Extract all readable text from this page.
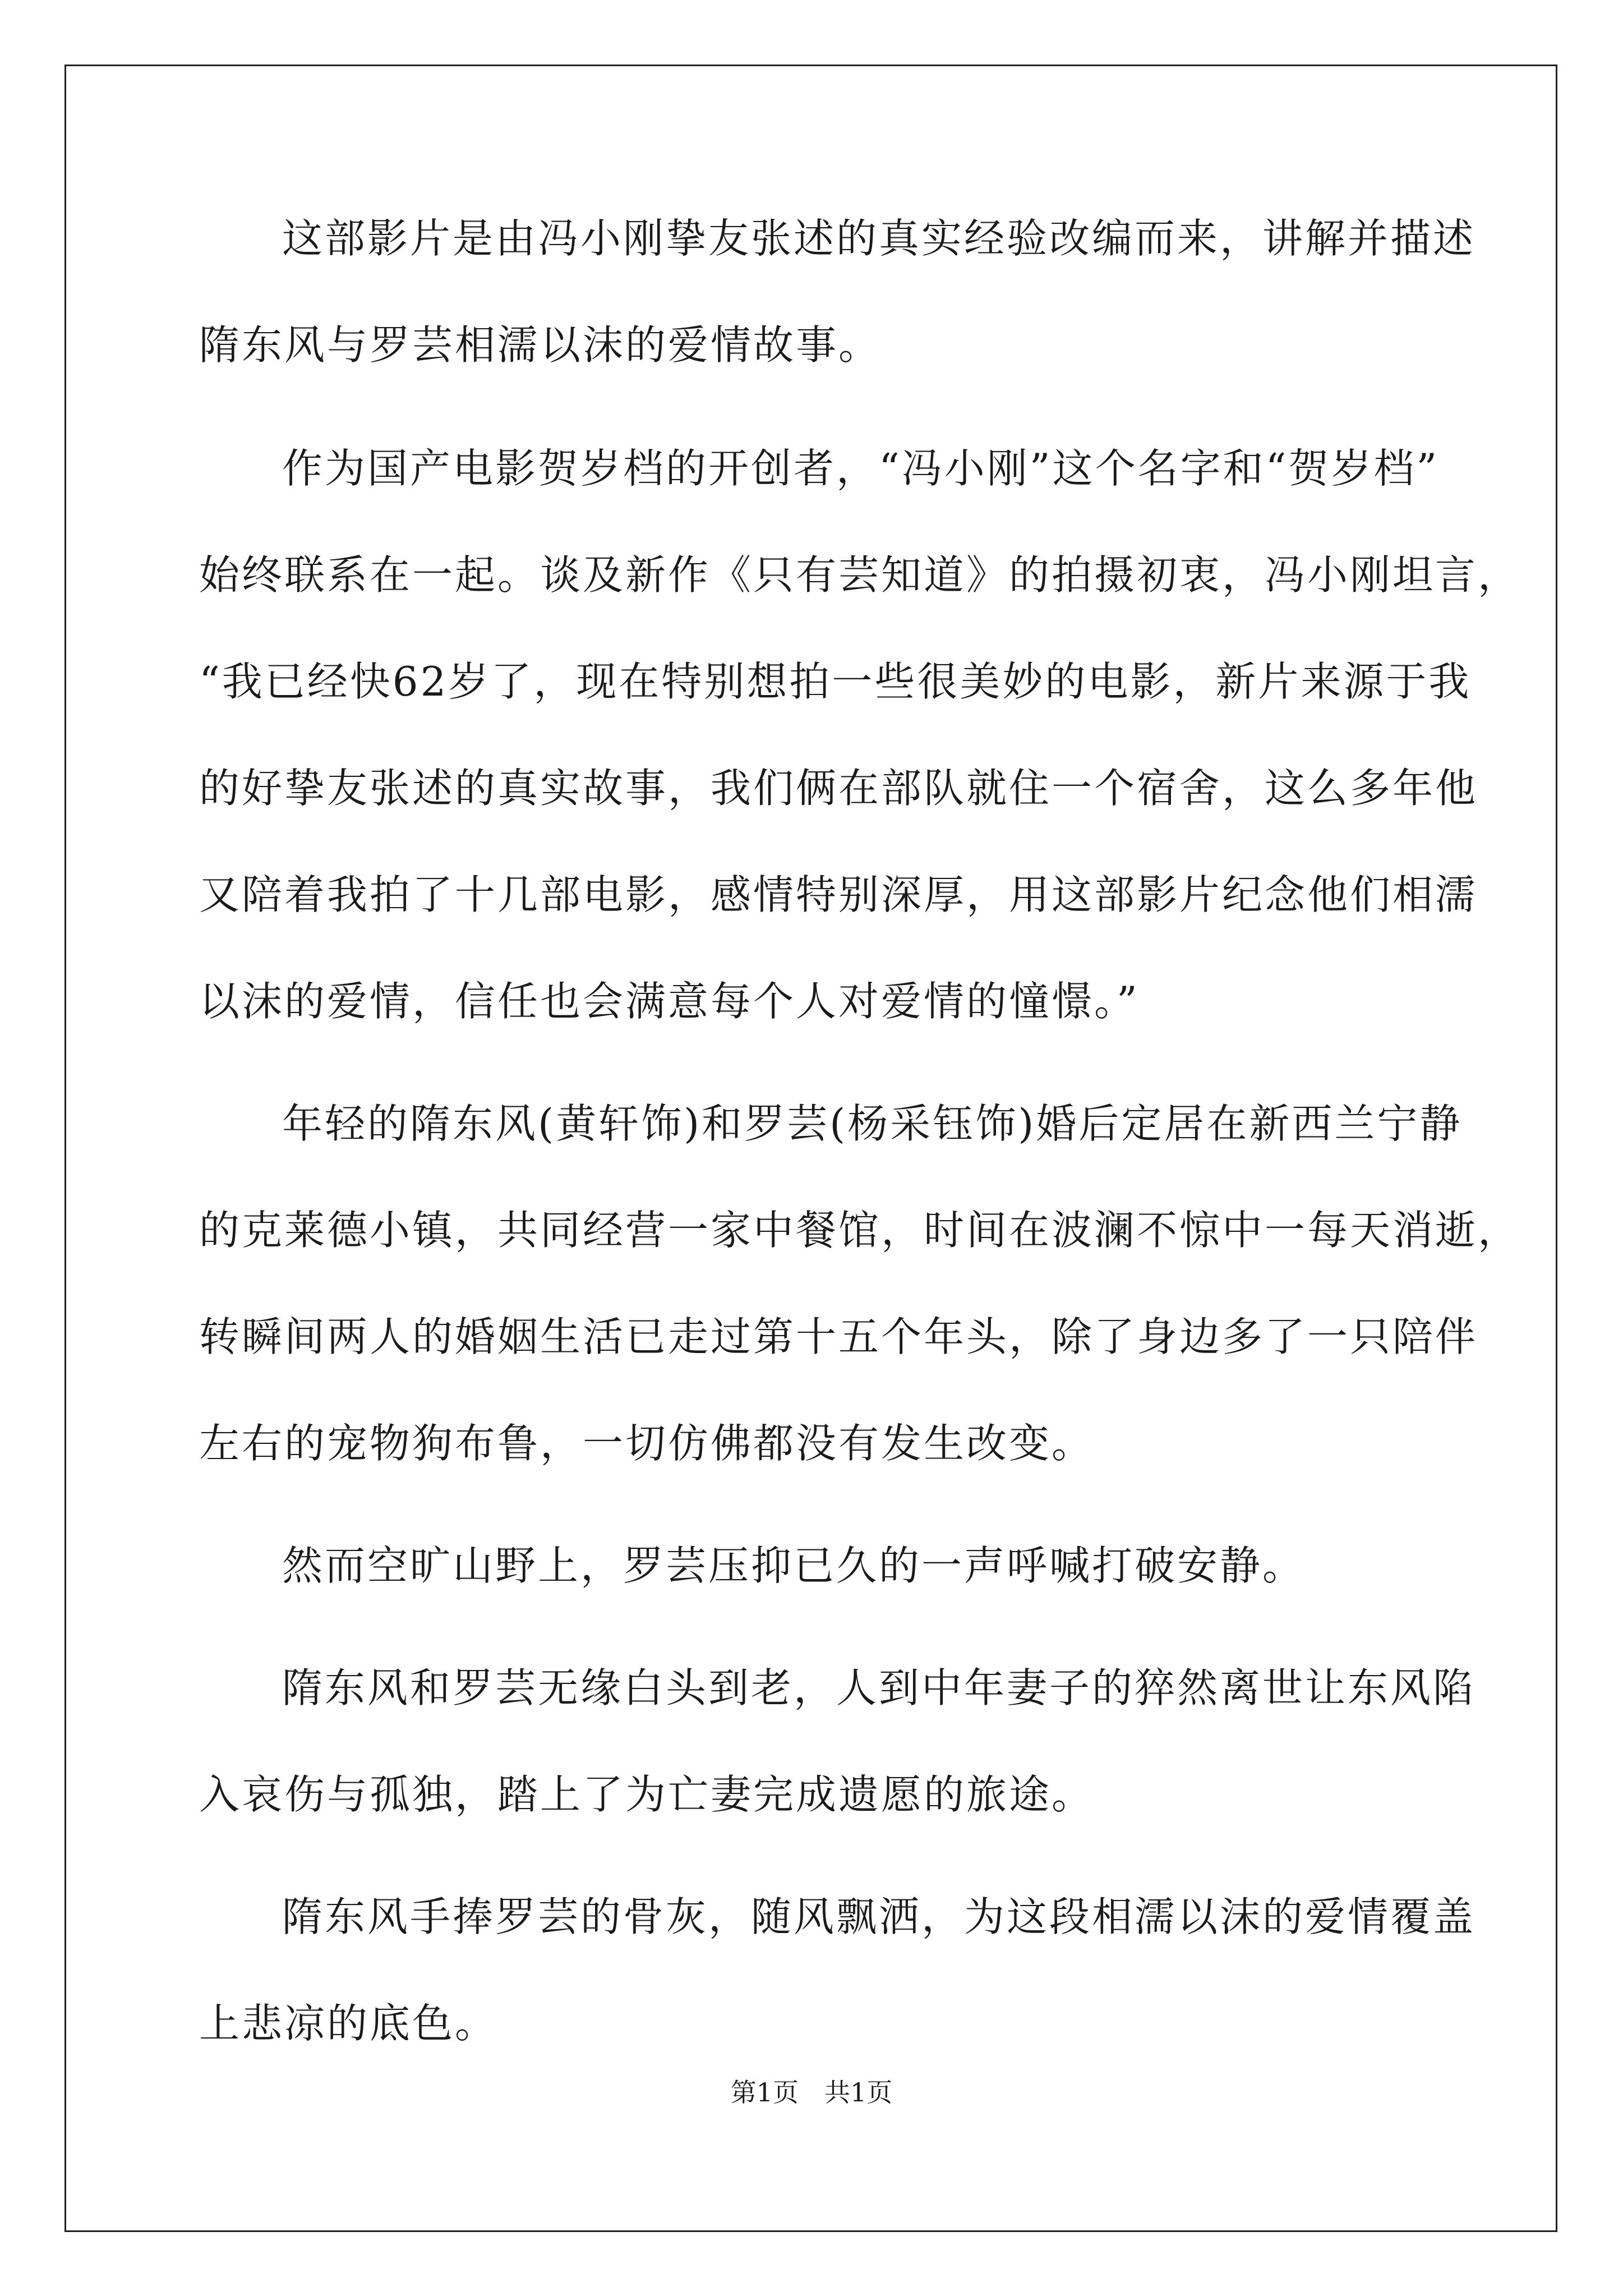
这部影片是由冯小刚挚友张述的真实经验改编而来，讲解并描述
隋东风与罗芸相濡以沫的爱情故事。
作为国产电影贺岁档的开创者，“冯小刚”这个名字和“贺岁档”
始终联系在一起。谈及新作《只有芸知道》的拍摄初衷，冯小刚坦言，
“我已经快62岁了，现在特别想拍一些很美妙的电影，新片来源于我
的好挚友张述的真实故事，我们俩在部队就住一个宿舍，这么多年他
又陪着我拍了十几部电影，感情特别深厚，用这部影片纪念他们相濡
以沫的爱情，信任也会满意每个人对爱情的憧憬。”
年轻的隋东风(黄轩饰)和罗芸(杨采钰饰)婚后定居在新西兰宁静
的克莱德小镇，共同经营一家中餐馆，时间在波澜不惊中一每天消逝，
转瞬间两人的婚姻生活已走过第十五个年头，除了身边多了一只陪伴
左右的宠物狗布鲁，一切仿佛都没有发生改变。
然而空旷山野上，罗芸压抑已久的一声呼喊打破安静。
隋东风和罗芸无缘白头到老，人到中年妻子的猝然离世让东风陷
入哀伤与孤独，踏上了为亡妻完成遗愿的旅途。
隋东风手捧罗芸的骨灰，随风飘洒，为这段相濡以沫的爱情覆盖
上悲凉的底色。
第1页　共1页
